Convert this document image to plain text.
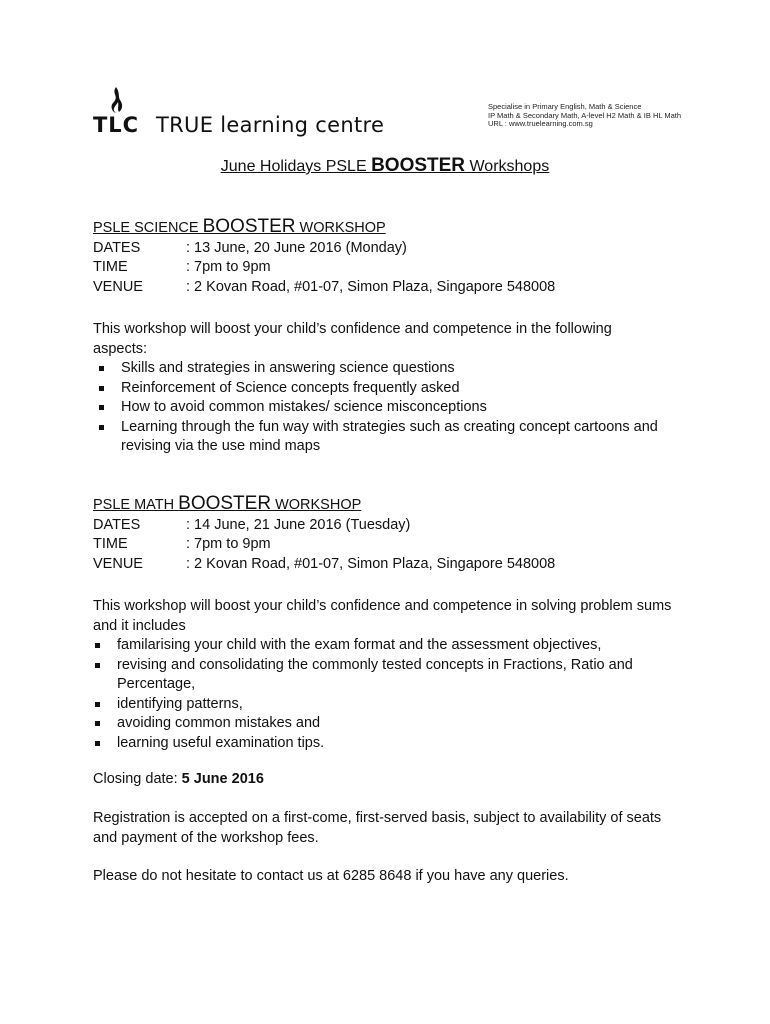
TLC TRUE learning centre
Specialise in Primary English, Math & Science
IP Math & Secondary Math, A-level H2 Math & IB HL Math
URL : www.truelearning.com.sg
June Holidays PSLE BOOSTER Workshops
PSLE SCIENCE BOOSTER WORKSHOP
DATES	: 13 June, 20 June 2016 (Monday)
TIME	: 7pm to 9pm
VENUE	: 2 Kovan Road, #01-07, Simon Plaza, Singapore 548008

This workshop will boost your child’s confidence and competence in the following aspects:

Skills and strategies in answering science questions
Reinforcement of Science concepts frequently asked
How to avoid common mistakes/ science misconceptions
Learning through the fun way with strategies such as creating concept cartoons and revising via the use mind maps
PSLE MATH BOOSTER WORKSHOP
DATES	: 14 June, 21 June 2016 (Tuesday)
TIME	: 7pm to 9pm
VENUE	: 2 Kovan Road, #01-07, Simon Plaza, Singapore 548008

This workshop will boost your child’s confidence and competence in solving problem sums and it includes

familarising your child with the exam format and the assessment objectives,
revising and consolidating the commonly tested concepts in Fractions, Ratio and Percentage,
identifying patterns,
avoiding common mistakes and
learning useful examination tips.
Closing date: 5 June 2016

Registration is accepted on a first-come, first-served basis, subject to availability of seats and payment of the workshop fees.

Please do not hesitate to contact us at 6285 8648 if you have any queries.
